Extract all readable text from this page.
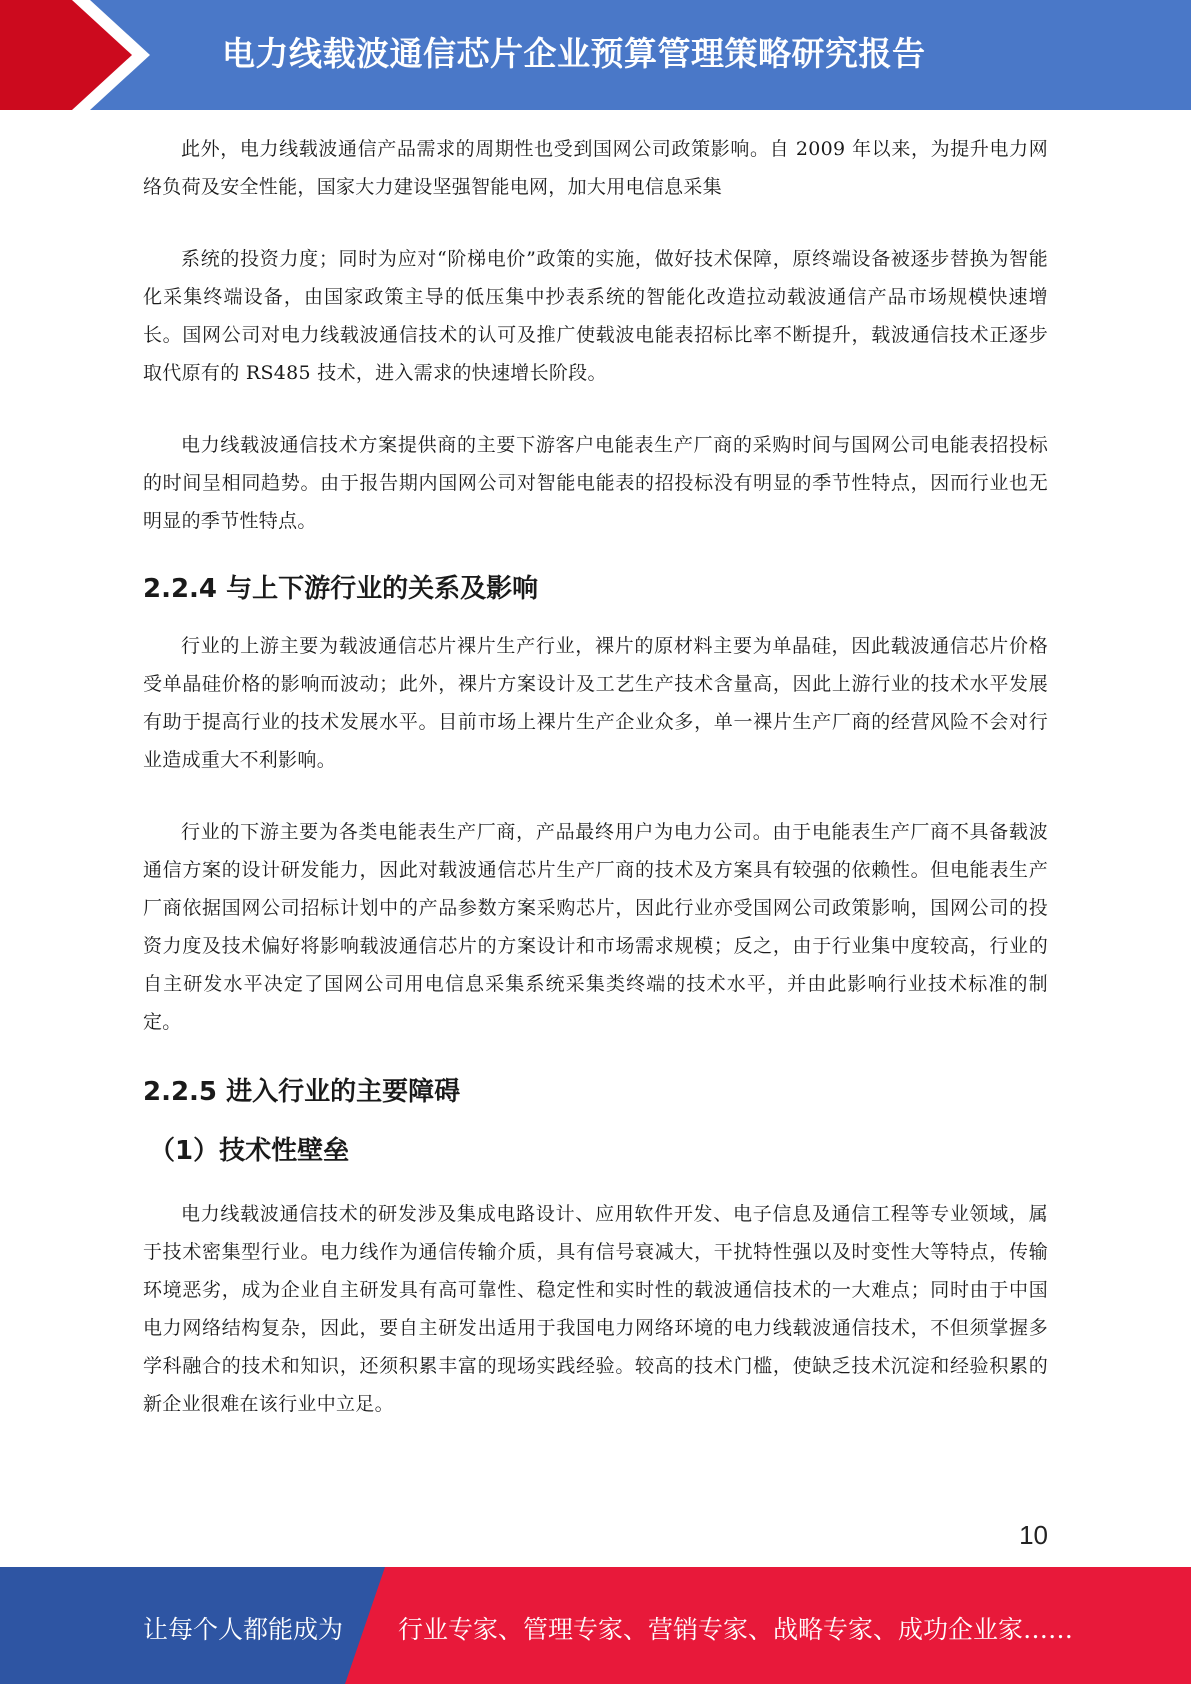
电力线载波通信芯片企业预算管理策略研究报告

此外，电力线载波通信产品需求的周期性也受到国网公司政策影响。自 2009 年以来，为提升电力网络负荷及安全性能，国家大力建设坚强智能电网，加大用电信息采集

系统的投资力度；同时为应对“阶梯电价”政策的实施，做好技术保障，原终端设备被逐步替换为智能化采集终端设备，由国家政策主导的低压集中抄表系统的智能化改造拉动载波通信产品市场规模快速增长。国网公司对电力线载波通信技术的认可及推广使载波电能表招标比率不断提升，载波通信技术正逐步取代原有的 RS485 技术，进入需求的快速增长阶段。

电力线载波通信技术方案提供商的主要下游客户电能表生产厂商的采购时间与国网公司电能表招投标的时间呈相同趋势。由于报告期内国网公司对智能电能表的招投标没有明显的季节性特点，因而行业也无明显的季节性特点。

2.2.4 与上下游行业的关系及影响

行业的上游主要为载波通信芯片裸片生产行业，裸片的原材料主要为单晶硅，因此载波通信芯片价格受单晶硅价格的影响而波动；此外，裸片方案设计及工艺生产技术含量高，因此上游行业的技术水平发展有助于提高行业的技术发展水平。目前市场上裸片生产企业众多，单一裸片生产厂商的经营风险不会对行业造成重大不利影响。

行业的下游主要为各类电能表生产厂商，产品最终用户为电力公司。由于电能表生产厂商不具备载波通信方案的设计研发能力，因此对载波通信芯片生产厂商的技术及方案具有较强的依赖性。但电能表生产厂商依据国网公司招标计划中的产品参数方案采购芯片，因此行业亦受国网公司政策影响，国网公司的投资力度及技术偏好将影响载波通信芯片的方案设计和市场需求规模；反之，由于行业集中度较高，行业的自主研发水平决定了国网公司用电信息采集系统采集类终端的技术水平，并由此影响行业技术标准的制定。

2.2.5 进入行业的主要障碍
（1）技术性壁垒

电力线载波通信技术的研发涉及集成电路设计、应用软件开发、电子信息及通信工程等专业领域，属于技术密集型行业。电力线作为通信传输介质，具有信号衰减大，干扰特性强以及时变性大等特点，传输环境恶劣，成为企业自主研发具有高可靠性、稳定性和实时性的载波通信技术的一大难点；同时由于中国电力网络结构复杂，因此，要自主研发出适用于我国电力网络环境的电力线载波通信技术，不但须掌握多学科融合的技术和知识，还须积累丰富的现场实践经验。较高的技术门槛，使缺乏技术沉淀和经验积累的新企业很难在该行业中立足。

10
让每个人都能成为 行业专家、管理专家、营销专家、战略专家、成功企业家……
